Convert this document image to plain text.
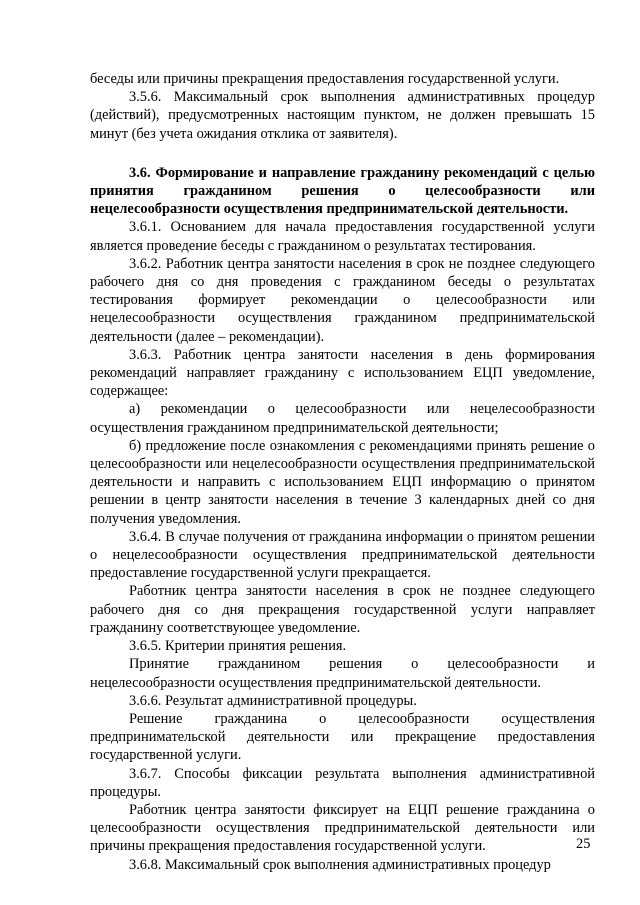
беседы или причины прекращения предоставления государственной услуги.

3.5.6. Максимальный срок выполнения административных процедур (действий), предусмотренных настоящим пунктом, не должен превышать 15 минут (без учета ожидания отклика от заявителя).

3.6. Формирование и направление гражданину рекомендаций с целью принятия гражданином решения о целесообразности или нецелесообразности осуществления предпринимательской деятельности.

3.6.1. Основанием для начала предоставления государственной услуги является проведение беседы с гражданином о результатах тестирования.

3.6.2. Работник центра занятости населения в срок не позднее следующего рабочего дня со дня проведения с гражданином беседы о результатах тестирования формирует рекомендации о целесообразности или нецелесообразности осуществления гражданином предпринимательской деятельности (далее – рекомендации).

3.6.3. Работник центра занятости населения в день формирования рекомендаций направляет гражданину с использованием ЕЦП уведомление, содержащее:

а) рекомендации о целесообразности или нецелесообразности осуществления гражданином предпринимательской деятельности;

б) предложение после ознакомления с рекомендациями принять решение о целесообразности или нецелесообразности осуществления предпринимательской деятельности и направить с использованием ЕЦП информацию о принятом решении в центр занятости населения в течение 3 календарных дней со дня получения уведомления.

3.6.4. В случае получения от гражданина информации о принятом решении о нецелесообразности осуществления предпринимательской деятельности предоставление государственной услуги прекращается.

Работник центра занятости населения в срок не позднее следующего рабочего дня со дня прекращения государственной услуги направляет гражданину соответствующее уведомление.

3.6.5. Критерии принятия решения.

Принятие гражданином решения о целесообразности и нецелесообразности осуществления предпринимательской деятельности.

3.6.6. Результат административной процедуры.

Решение гражданина о целесообразности осуществления предпринимательской деятельности или прекращение предоставления государственной услуги.

3.6.7. Способы фиксации результата выполнения административной процедуры.

Работник центра занятости фиксирует на ЕЦП решение гражданина о целесообразности осуществления предпринимательской деятельности или причины прекращения предоставления государственной услуги.

3.6.8. Максимальный срок выполнения административных процедур

25
